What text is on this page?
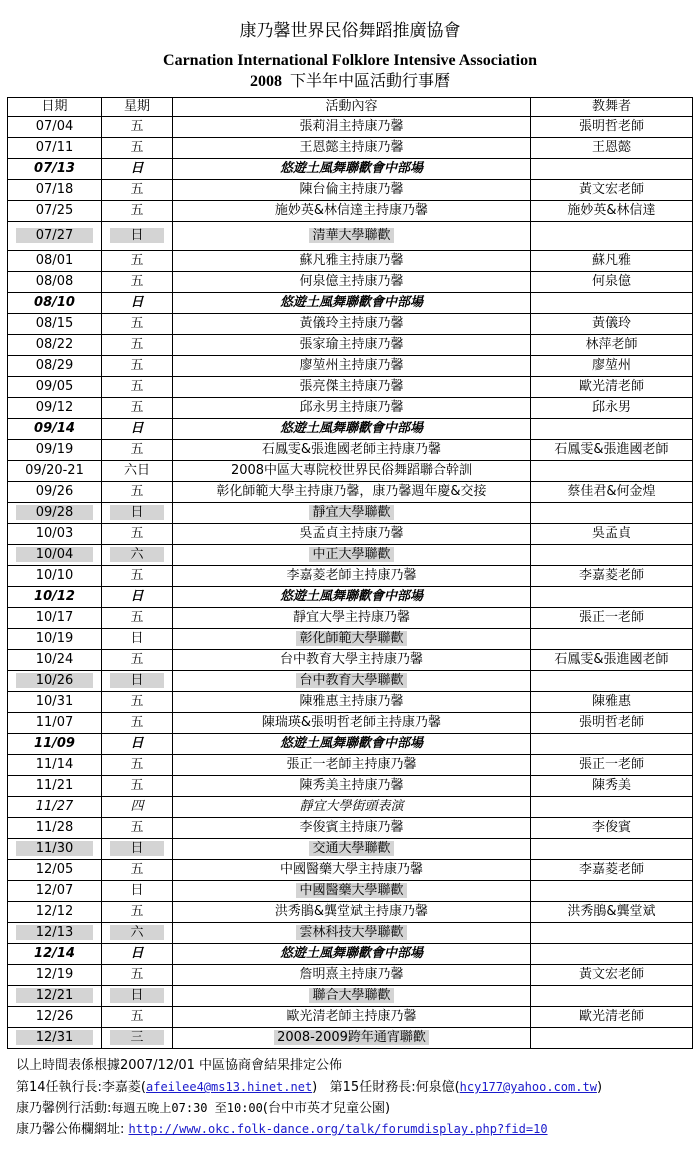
康乃馨世界民俗舞蹈推廣協會
Carnation International Folklore Intensive Association
2008 下半年中區活動行事曆
日期	星期	活動內容	教舞者
07/04	五	張莉涓主持康乃馨	張明哲老師
07/11	五	王恩懿主持康乃馨	王恩懿
07/13	日	悠遊土風舞聯歡會中部場	
07/18	五	陳台倫主持康乃馨	黃文宏老師
07/25	五	施妙英&林信達主持康乃馨	施妙英&林信達
07/27	日	清華大學聯歡	
08/01	五	蘇凡雅主持康乃馨	蘇凡雅
08/08	五	何泉億主持康乃馨	何泉億
08/10	日	悠遊土風舞聯歡會中部場	
08/15	五	黃儀玲主持康乃馨	黃儀玲
08/22	五	張家瑜主持康乃馨	林萍老師
08/29	五	廖堃州主持康乃馨	廖堃州
09/05	五	張亮傑主持康乃馨	歐光清老師
09/12	五	邱永男主持康乃馨	邱永男
09/14	日	悠遊土風舞聯歡會中部場	
09/19	五	石鳳雯&張進國老師主持康乃馨	石鳳雯&張進國老師
09/20-21	六日	2008中區大專院校世界民俗舞蹈聯合幹訓	
09/26	五	彰化師範大學主持康乃馨，康乃馨週年慶&交接	蔡佳君&何金煌
09/28	日	靜宜大學聯歡	
10/03	五	吳孟貞主持康乃馨	吳孟貞
10/04	六	中正大學聯歡	
10/10	五	李嘉菱老師主持康乃馨	李嘉菱老師
10/12	日	悠遊土風舞聯歡會中部場	
10/17	五	靜宜大學主持康乃馨	張正一老師
10/19	日	彰化師範大學聯歡	
10/24	五	台中教育大學主持康乃馨	石鳳雯&張進國老師
10/26	日	台中教育大學聯歡	
10/31	五	陳雅惠主持康乃馨	陳雅惠
11/07	五	陳瑞瑛&張明哲老師主持康乃馨	張明哲老師
11/09	日	悠遊土風舞聯歡會中部場	
11/14	五	張正一老師主持康乃馨	張正一老師
11/21	五	陳秀美主持康乃馨	陳秀美
11/27	四	靜宜大學街頭表演	
11/28	五	李俊賓主持康乃馨	李俊賓
11/30	日	交通大學聯歡	
12/05	五	中國醫藥大學主持康乃馨	李嘉菱老師
12/07	日	中國醫藥大學聯歡	
12/12	五	洪秀鵑&龔堂斌主持康乃馨	洪秀鵑&龔堂斌
12/13	六	雲林科技大學聯歡	
12/14	日	悠遊土風舞聯歡會中部場	
12/19	五	詹明熹主持康乃馨	黃文宏老師
12/21	日	聯合大學聯歡	
12/26	五	歐光清老師主持康乃馨	歐光清老師
12/31	三	2008-2009跨年通宵聯歡	
以上時間表係根據2007/12/01 中區協商會結果排定公佈
第14任執行長:李嘉菱(afeilee4@ms13.hinet.net) 第15任財務長:何泉億(hcy177@yahoo.com.tw)
康乃馨例行活動:每週五晚上07:30 至10:00(台中市英才兒童公園)
康乃馨公佈欄網址: http://www.okc.folk-dance.org/talk/forumdisplay.php?fid=10
